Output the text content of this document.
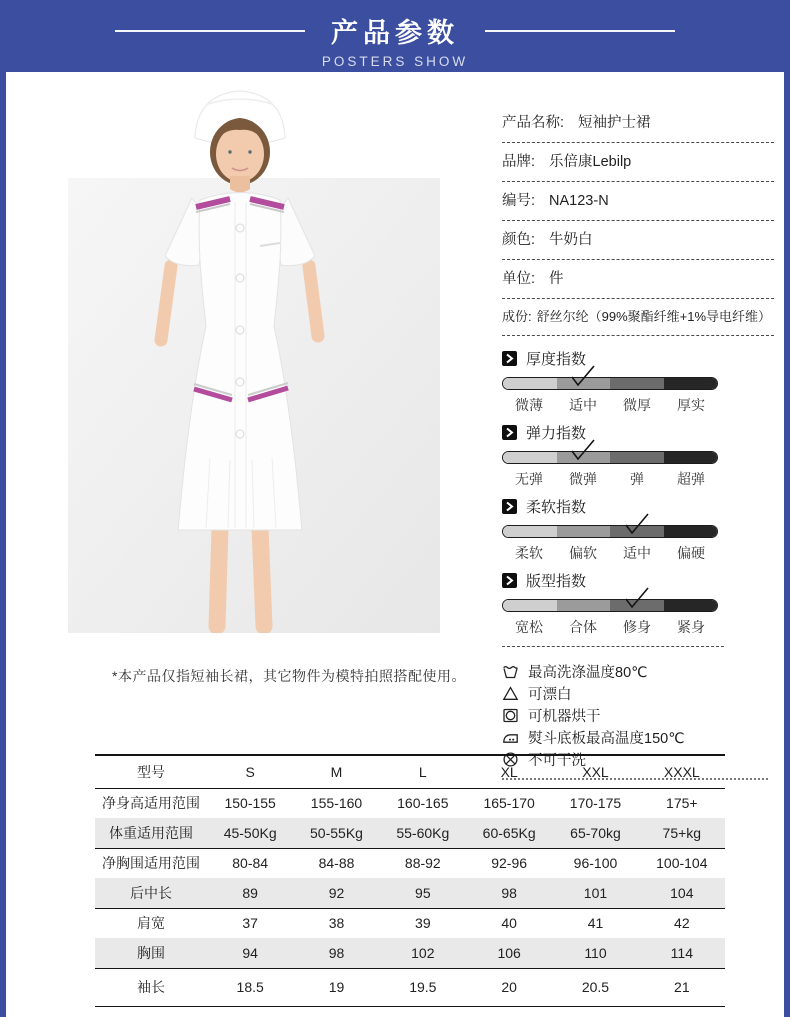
产品参数
POSTERS SHOW

*本产品仅指短袖长裙，其它物件为模特拍照搭配使用。

产品名称: 短袖护士裙
品牌: 乐倍康Lebilp
编号: NA123-N
颜色: 牛奶白
单位: 件
成份: 舒丝尔纶（99%聚酯纤维+1%导电纤维）
厚度指数
微薄	适中	微厚	厚实
弹力指数
无弹	微弹	弹	超弹
柔软指数
柔软	偏软	适中	偏硬
版型指数
宽松	合体	修身	紧身
最高洗涤温度80℃
可漂白
可机器烘干
熨斗底板最高温度150℃
不可干洗
型号	S	M	L	XL	XXL	XXXL
净身高适用范围	150-155	155-160	160-165	165-170	170-175	175+
体重适用范围	45-50Kg	50-55Kg	55-60Kg	60-65Kg	65-70kg	75+kg
净胸围适用范围	80-84	84-88	88-92	92-96	96-100	100-104
后中长	89	92	95	98	101	104
肩宽	37	38	39	40	41	42
胸围	94	98	102	106	110	114
袖长	18.5	19	19.5	20	20.5	21
